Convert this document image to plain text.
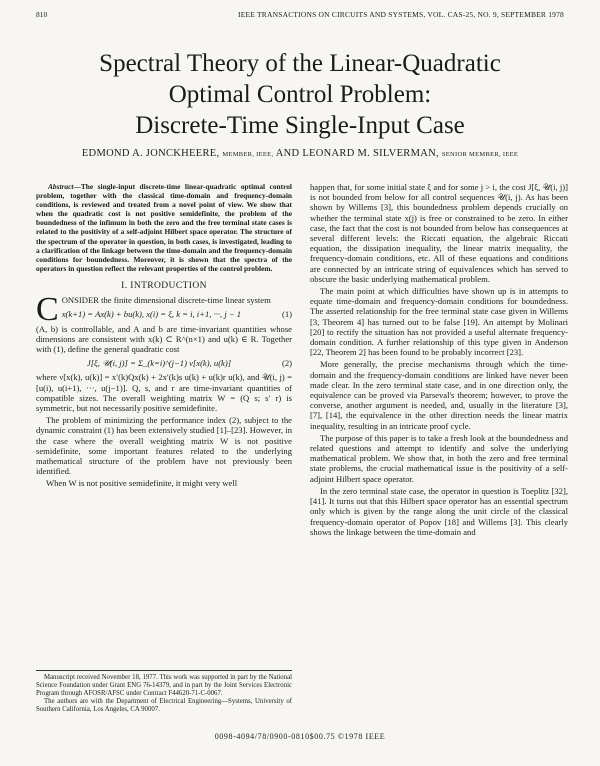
810	IEEE TRANSACTIONS ON CIRCUITS AND SYSTEMS, VOL. CAS-25, NO. 9, SEPTEMBER 1978
Spectral Theory of the Linear-Quadratic
Optimal Control Problem:
Discrete-Time Single-Input Case
EDMOND A. JONCKHEERE, MEMBER, IEEE, AND LEONARD M. SILVERMAN, SENIOR MEMBER, IEEE

Abstract—The single-input discrete-time linear-quadratic optimal control problem, together with the classical time-domain and frequency-domain conditions, is reviewed and treated from a novel point of view. We show that when the quadratic cost is not positive semidefinite, the problem of the boundedness of the infimum in both the zero and the free terminal state cases is related to the positivity of a self-adjoint Hilbert space operator. The structure of the spectrum of the operator in question, in both cases, is investigated, leading to a clarification of the linkage between the time-domain and the frequency-domain conditions for boundedness. Moreover, it is shown that the spectra of the operators in question reflect the relevant properties of the control problem.

I. INTRODUCTION

CONSIDER the finite dimensional discrete-time linear system

x(k+1) = Ax(k) + bu(k), x(i) = ξ, k = i, i+1, ···, j − 1	(1)

(A, b) is controllable, and A and b are time-invariant quantities whose dimensions are consistent with x(k) ⊂ R^(n×1) and u(k) ∈ R. Together with (1), define the general quadratic cost

J[ξ, 𝒰(i, j)] = Σ_(k=i)^(j−1) ν[x(k), u(k)]	(2)

where ν[x(k), u(k)] = x′(k)Qx(k) + 2x′(k)s u(k) + u(k)r u(k), and 𝒰(i, j) = [u(i), u(i+1), ···, u(j−1)]. Q, s, and r are time-invariant quantities of compatible sizes. The overall weighting matrix W = (Q s; s′ r) is symmetric, but not necessarily positive semidefinite.

The problem of minimizing the performance index (2), subject to the dynamic constraint (1) has been extensively studied [1]–[23]. However, in the case where the overall weighting matrix W is not positive semidefinite, some important features related to the underlying mathematical structure of the problem have not previously been identified.

When W is not positive semidefinite, it might very well

Manuscript received November 18, 1977. This work was supported in part by the National Science Foundation under Grant ENG 76-14379, and in part by the Joint Services Electronic Program through AFOSR/AFSC under Contract F44620-71-C-0067.

The authors are with the Department of Electrical Engineering—Systems, University of Southern California, Los Angeles, CA 90007.

happen that, for some initial state ξ and for some j > i, the cost J[ξ, 𝒰(i, j)] is not bounded from below for all control sequences 𝒰(i, j). As has been shown by Willems [3], this boundedness problem depends crucially on whether the terminal state x(j) is free or constrained to be zero. In either case, the fact that the cost is not bounded from below has consequences at several different levels: the Riccati equation, the algebraic Riccati equation, the dissipation inequality, the linear matrix inequality, the frequency-domain conditions, etc. All of these equations and conditions are connected by an intricate string of equivalences which has served to obscure the basic underlying mathematical problem.

The main point at which difficulties have shown up is in attempts to equate time-domain and frequency-domain conditions for boundedness. The asserted relationship for the free terminal state case given in Willems [3, Theorem 4] has turned out to be false [19]. An attempt by Molinari [20] to rectify the situation has not provided a useful alternate frequency-domain condition. A further relationship of this type given in Anderson [22, Theorem 2] has been found to be probably incorrect [23].

More generally, the precise mechanisms through which the time-domain and the frequency-domain conditions are linked have never been made clear. In the zero terminal state case, and in one direction only, the equivalence can be proved via Parseval's theorem; however, to prove the converse, another argument is needed, and, usually in the literature [3], [7], [14], the equivalence in the other direction needs the linear matrix inequality, resulting in an intricate proof cycle.

The purpose of this paper is to take a fresh look at the boundedness and related questions and attempt to identify and solve the underlying mathematical problem. We show that, in both the zero and free terminal state problems, the crucial mathematical issue is the positivity of a self-adjoint Hilbert space operator.

In the zero terminal state case, the operator in question is Toeplitz [32], [41]. It turns out that this Hilbert space operator has an essential spectrum only which is given by the range along the unit circle of the classical frequency-domain operator of Popov [18] and Willems [3]. This clearly shows the linkage between the time-domain and

0098-4094/78/0900-0810$00.75 ©1978 IEEE
